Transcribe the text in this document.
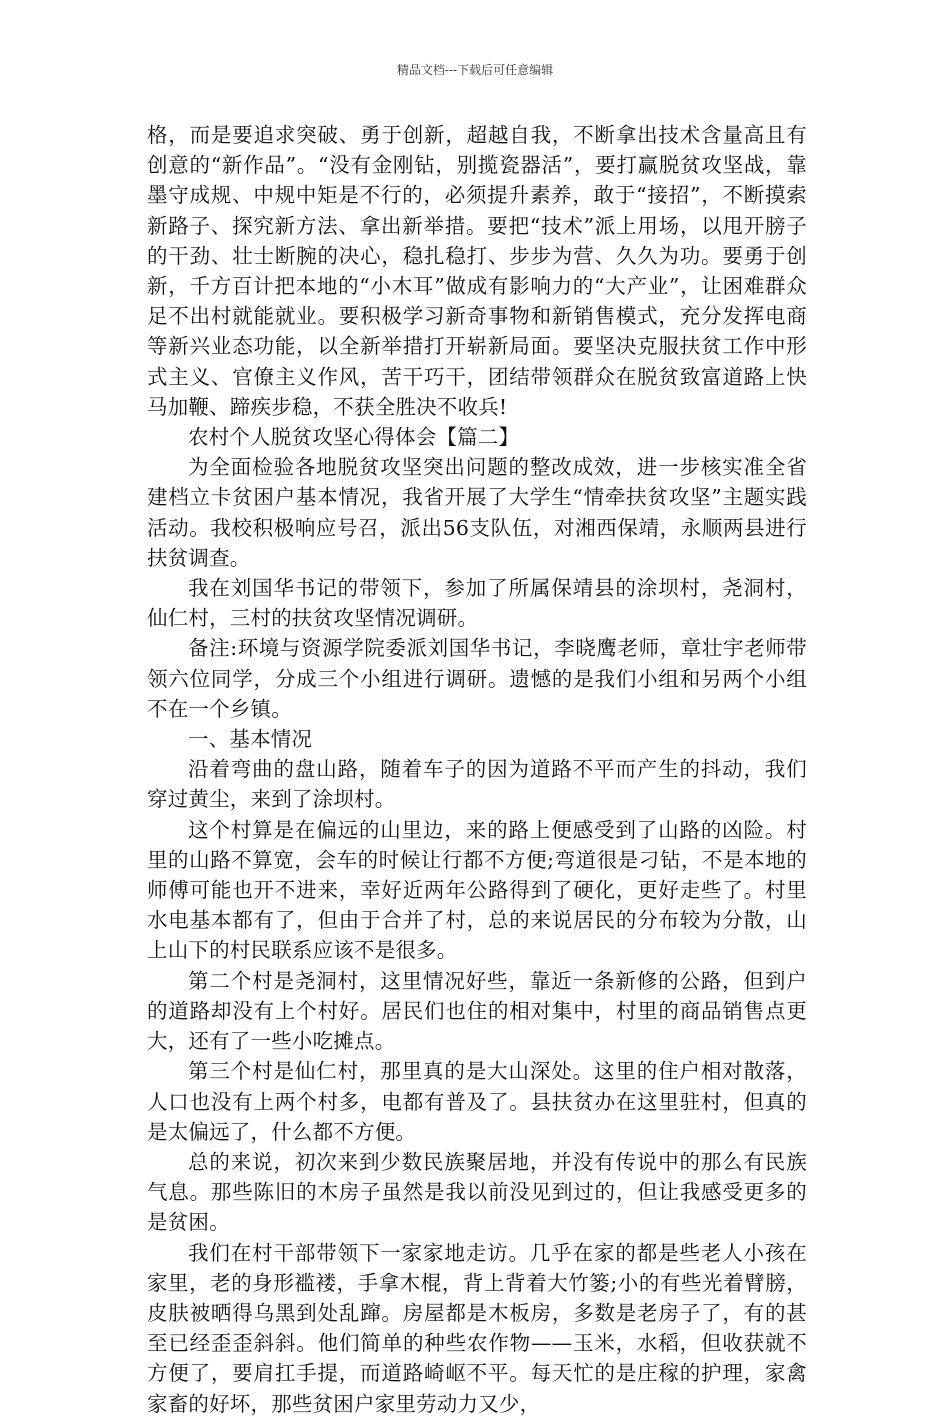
精品文档---下载后可任意编辑

格，而是要追求突破、勇于创新，超越自我，不断拿出技术含量高且有创意的“新作品”。“没有金刚钻，别揽瓷器活”，要打赢脱贫攻坚战，靠墨守成规、中规中矩是不行的，必须提升素养，敢于“接招”，不断摸索新路子、探究新方法、拿出新举措。要把“技术”派上用场，以甩开膀子的干劲、壮士断腕的决心，稳扎稳打、步步为营、久久为功。要勇于创新，千方百计把本地的“小木耳”做成有影响力的“大产业”，让困难群众足不出村就能就业。要积极学习新奇事物和新销售模式，充分发挥电商等新兴业态功能，以全新举措打开崭新局面。要坚决克服扶贫工作中形式主义、官僚主义作风，苦干巧干，团结带领群众在脱贫致富道路上快马加鞭、蹄疾步稳，不获全胜决不收兵!

农村个人脱贫攻坚心得体会【篇二】

为全面检验各地脱贫攻坚突出问题的整改成效，进一步核实准全省建档立卡贫困户基本情况，我省开展了大学生“情牵扶贫攻坚”主题实践活动。我校积极响应号召，派出56支队伍，对湘西保靖，永顺两县进行扶贫调查。

我在刘国华书记的带领下，参加了所属保靖县的涂坝村，尧洞村，仙仁村，三村的扶贫攻坚情况调研。

备注:环境与资源学院委派刘国华书记，李晓鹰老师，章壮宇老师带领六位同学，分成三个小组进行调研。遗憾的是我们小组和另两个小组不在一个乡镇。

一、基本情况

沿着弯曲的盘山路，随着车子的因为道路不平而产生的抖动，我们穿过黄尘，来到了涂坝村。

这个村算是在偏远的山里边，来的路上便感受到了山路的凶险。村里的山路不算宽，会车的时候让行都不方便;弯道很是刁钻，不是本地的师傅可能也开不进来，幸好近两年公路得到了硬化，更好走些了。村里水电基本都有了，但由于合并了村，总的来说居民的分布较为分散，山上山下的村民联系应该不是很多。

第二个村是尧洞村，这里情况好些，靠近一条新修的公路，但到户的道路却没有上个村好。居民们也住的相对集中，村里的商品销售点更大，还有了一些小吃摊点。

第三个村是仙仁村，那里真的是大山深处。这里的住户相对散落，人口也没有上两个村多，电都有普及了。县扶贫办在这里驻村，但真的是太偏远了，什么都不方便。

总的来说，初次来到少数民族聚居地，并没有传说中的那么有民族气息。那些陈旧的木房子虽然是我以前没见到过的，但让我感受更多的是贫困。

我们在村干部带领下一家家地走访。几乎在家的都是些老人小孩在家里，老的身形褴褛，手拿木棍，背上背着大竹篓;小的有些光着臂膀，皮肤被晒得乌黑到处乱蹿。房屋都是木板房，多数是老房子了，有的甚至已经歪歪斜斜。他们简单的种些农作物——玉米，水稻，但收获就不方便了，要肩扛手提，而道路崎岖不平。每天忙的是庄稼的护理，家禽家畜的好坏，那些贫困户家里劳动力又少，
